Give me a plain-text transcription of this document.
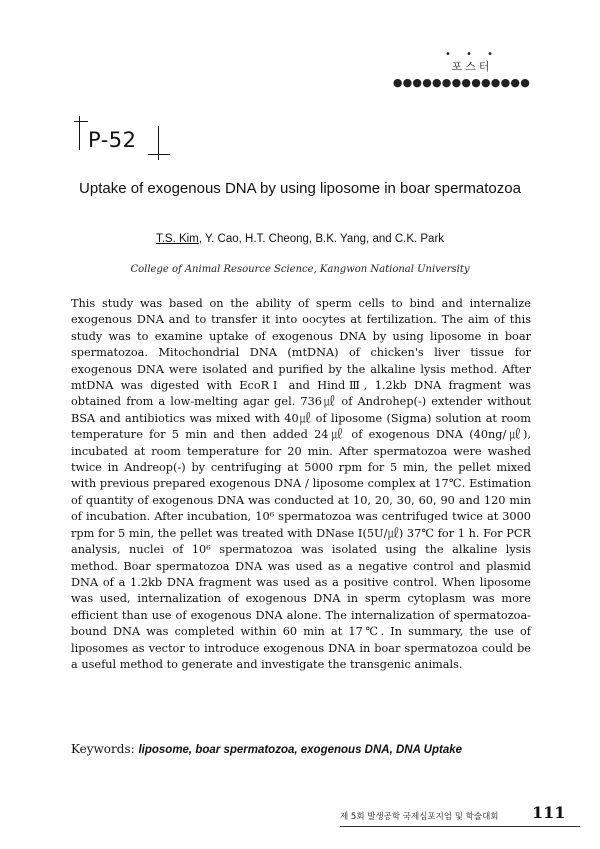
• • •
포스터
●●●●●●●●●●●●●●
P-52
Uptake of exogenous DNA by using liposome in boar spermatozoa
T.S. Kim, Y. Cao, H.T. Cheong, B.K. Yang, and C.K. Park
College of Animal Resource Science, Kangwon National University

This study was based on the ability of sperm cells to bind and internalize exogenous DNA and to transfer it into oocytes at fertilization. The aim of this study was to examine uptake of exogenous DNA by using liposome in boar spermatozoa. Mitochondrial DNA (mtDNA) of chicken's liver tissue for exogenous DNA were isolated and purified by the alkaline lysis method. After mtDNA was digested with EcoRⅠ and HindⅢ, 1.2kb DNA fragment was obtained from a low-melting agar gel. 736㎕ of Androhep(-) extender without BSA and antibiotics was mixed with 40㎕ of liposome (Sigma) solution at room temperature for 5 min and then added 24㎕ of exogenous DNA (40ng/㎕), incubated at room temperature for 20 min. After spermatozoa were washed twice in Andreop(-) by centrifuging at 5000 rpm for 5 min, the pellet mixed with previous prepared exogenous DNA / liposome complex at 17℃. Estimation of quantity of exogenous DNA was conducted at 10, 20, 30, 60, 90 and 120 min of incubation. After incubation, 10⁶ spermatozoa was centrifuged twice at 3000 rpm for 5 min, the pellet was treated with DNase Ⅰ(5U/㎕) 37℃ for 1 h. For PCR analysis, nuclei of 10⁶ spermatozoa was isolated using the alkaline lysis method. Boar spermatozoa DNA was used as a negative control and plasmid DNA of a 1.2kb DNA fragment was used as a positive control. When liposome was used, internalization of exogenous DNA in sperm cytoplasm was more efficient than use of exogenous DNA alone. The internalization of spermatozoa-bound DNA was completed within 60 min at 17℃. In summary, the use of liposomes as vector to introduce exogenous DNA in boar spermatozoa could be a useful method to generate and investigate the transgenic animals.

Keywords: liposome, boar spermatozoa, exogenous DNA, DNA Uptake
제 5회 발생공학 국제심포지엄 및 학술대회 111
